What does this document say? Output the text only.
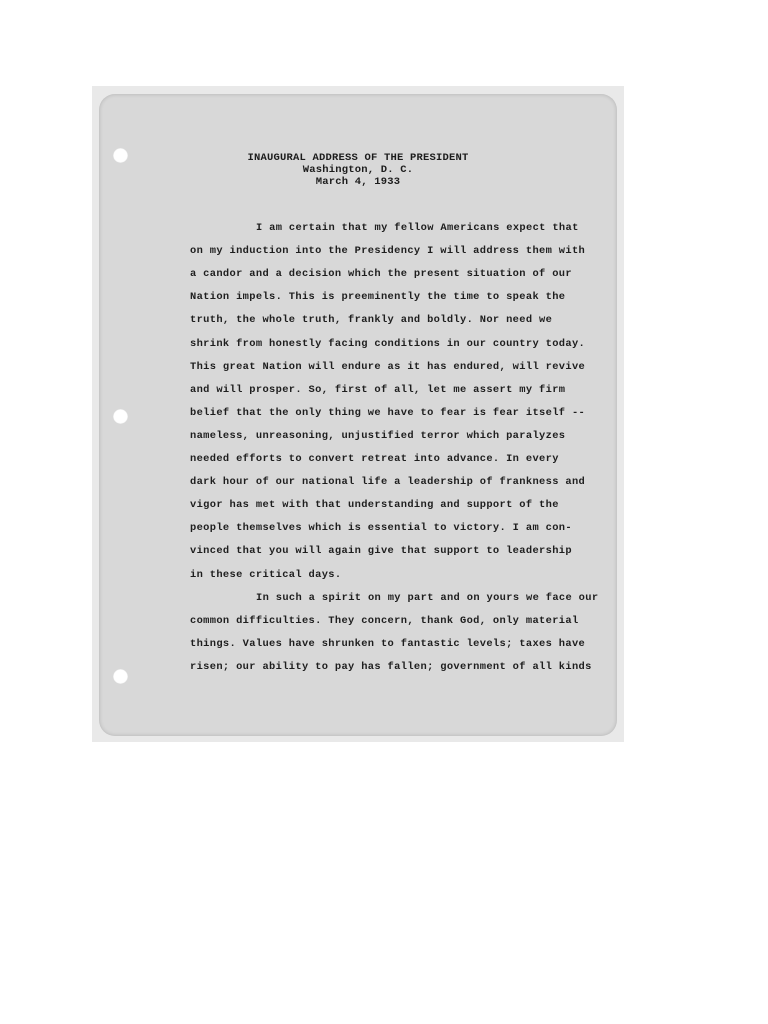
INAUGURAL ADDRESS OF THE PRESIDENT
Washington, D. C.
March 4, 1933
I am certain that my fellow Americans expect that
on my induction into the Presidency I will address them with
a candor and a decision which the present situation of our
Nation impels. This is preeminently the time to speak the
truth, the whole truth, frankly and boldly. Nor need we
shrink from honestly facing conditions in our country today.
This great Nation will endure as it has endured, will revive
and will prosper. So, first of all, let me assert my firm
belief that the only thing we have to fear is fear itself --
nameless, unreasoning, unjustified terror which paralyzes
needed efforts to convert retreat into advance. In every
dark hour of our national life a leadership of frankness and
vigor has met with that understanding and support of the
people themselves which is essential to victory. I am con-
vinced that you will again give that support to leadership
in these critical days.
In such a spirit on my part and on yours we face our
common difficulties. They concern, thank God, only material
things. Values have shrunken to fantastic levels; taxes have
risen; our ability to pay has fallen; government of all kinds
